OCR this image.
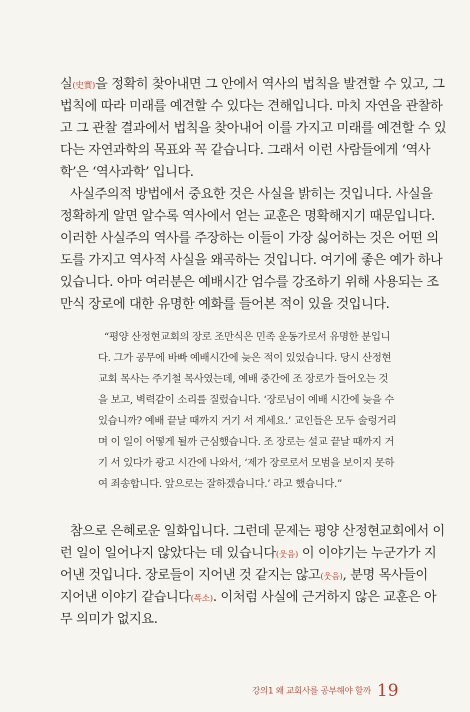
실(史實)을 정확히 찾아내면 그 안에서 역사의 법칙을 발견할 수 있고, 그
법칙에 따라 미래를 예견할 수 있다는 견해입니다. 마치 자연을 관찰하
고 그 관찰 결과에서 법칙을 찾아내어 이를 가지고 미래를 예견할 수 있
다는 자연과학의 목표와 꼭 같습니다. 그래서 이런 사람들에게 ‘역사
학’은 ‘역사과학’ 입니다.
사실주의적 방법에서 중요한 것은 사실을 밝히는 것입니다. 사실을
정확하게 알면 알수록 역사에서 얻는 교훈은 명확해지기 때문입니다.
이러한 사실주의 역사를 주장하는 이들이 가장 싫어하는 것은 어떤 의
도를 가지고 역사적 사실을 왜곡하는 것입니다. 여기에 좋은 예가 하나
있습니다. 아마 여러분은 예배시간 엄수를 강조하기 위해 사용되는 조
만식 장로에 대한 유명한 예화를 들어본 적이 있을 것입니다.
“평양 산정현교회의 장로 조만식은 민족 운동가로서 유명한 분입니
다. 그가 공무에 바빠 예배시간에 늦은 적이 있었습니다. 당시 산정현
교회 목사는 주기철 목사였는데, 예배 중간에 조 장로가 들어오는 것
을 보고, 벽력같이 소리를 질렀습니다. ‘장로님이 예배 시간에 늦을 수
있습니까? 예배 끝날 때까지 거기 서 계세요.’ 교인들은 모두 술렁거리
며 이 일이 어떻게 될까 근심했습니다. 조 장로는 설교 끝날 때까지 거
기 서 있다가 광고 시간에 나와서, ‘제가 장로로서 모범을 보이지 못하
여 죄송합니다. 앞으로는 잘하겠습니다.’ 라고 했습니다.”
참으로 은혜로운 일화입니다. 그런데 문제는 평양 산정현교회에서 이
런 일이 일어나지 않았다는 데 있습니다(웃음) 이 이야기는 누군가가 지
어낸 것입니다. 장로들이 지어낸 것 같지는 않고(웃음), 분명 목사들이
지어낸 이야기 같습니다(폭소). 이처럼 사실에 근거하지 않은 교훈은 아
무 의미가 없지요.
강의1 왜 교회사를 공부해야 할까 19
